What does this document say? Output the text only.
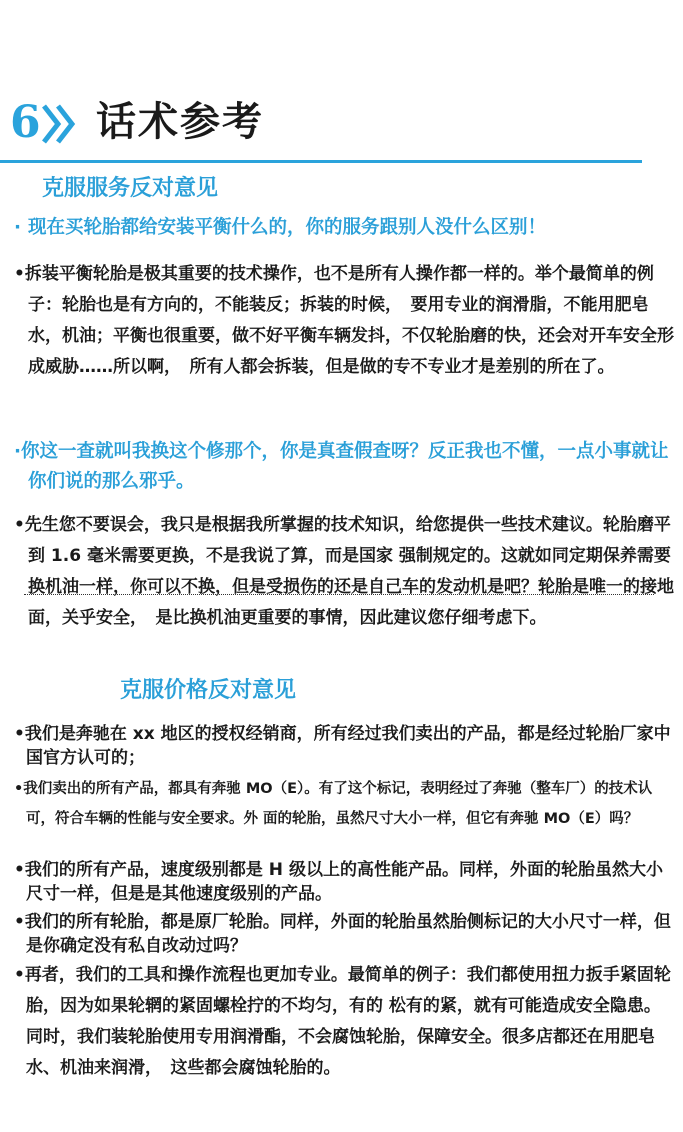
6 话术参考
克服服务反对意见
· 现在买轮胎都给安装平衡什么的，你的服务跟别人没什么区别！
•拆装平衡轮胎是极其重要的技术操作，也不是所有人操作都一样的。举个最简单的例子：轮胎也是有方向的，不能装反；拆装的时候，　要用专业的润滑脂，不能用肥皂水，机油；平衡也很重要，做不好平衡车辆发抖，不仅轮胎磨的快，还会对开车安全形成威胁……所以啊，　所有人都会拆装，但是做的专不专业才是差别的所在了。
·你这一查就叫我换这个修那个，你是真查假查呀？反正我也不懂，一点小事就让你们说的那么邪乎。
•先生您不要误会，我只是根据我所掌握的技术知识，给您提供一些技术建议。轮胎磨平到 1.6 毫米需要更换，不是我说了算，而是国家 强制规定的。这就如同定期保养需要换机油一样，你可以不换，但是受损伤的还是自己车的发动机是吧？轮胎是唯一的接地面，关乎安全，　是比换机油更重要的事情，因此建议您仔细考虑下。
克服价格反对意见
•我们是奔驰在 xx 地区的授权经销商，所有经过我们卖出的产品，都是经过轮胎厂家中国官方认可的；
•我们卖出的所有产品，都具有奔驰 MO（E）。有了这个标记，表明经过了奔驰（整车厂）的技术认可，符合车辆的性能与安全要求。外 面的轮胎，虽然尺寸大小一样，但它有奔驰 MO（E）吗？
•我们的所有产品，速度级别都是 H 级以上的高性能产品。同样，外面的轮胎虽然大小尺寸一样，但是是其他速度级别的产品。
•我们的所有轮胎，都是原厂轮胎。同样，外面的轮胎虽然胎侧标记的大小尺寸一样，但是你确定没有私自改动过吗？
•再者，我们的工具和操作流程也更加专业。最简单的例子：我们都使用扭力扳手紧固轮胎，因为如果轮辋的紧固螺栓拧的不均匀，有的 松有的紧，就有可能造成安全隐患。同时，我们装轮胎使用专用润滑酯，不会腐蚀轮胎，保障安全。很多店都还在用肥皂水、机油来润滑，　这些都会腐蚀轮胎的。
